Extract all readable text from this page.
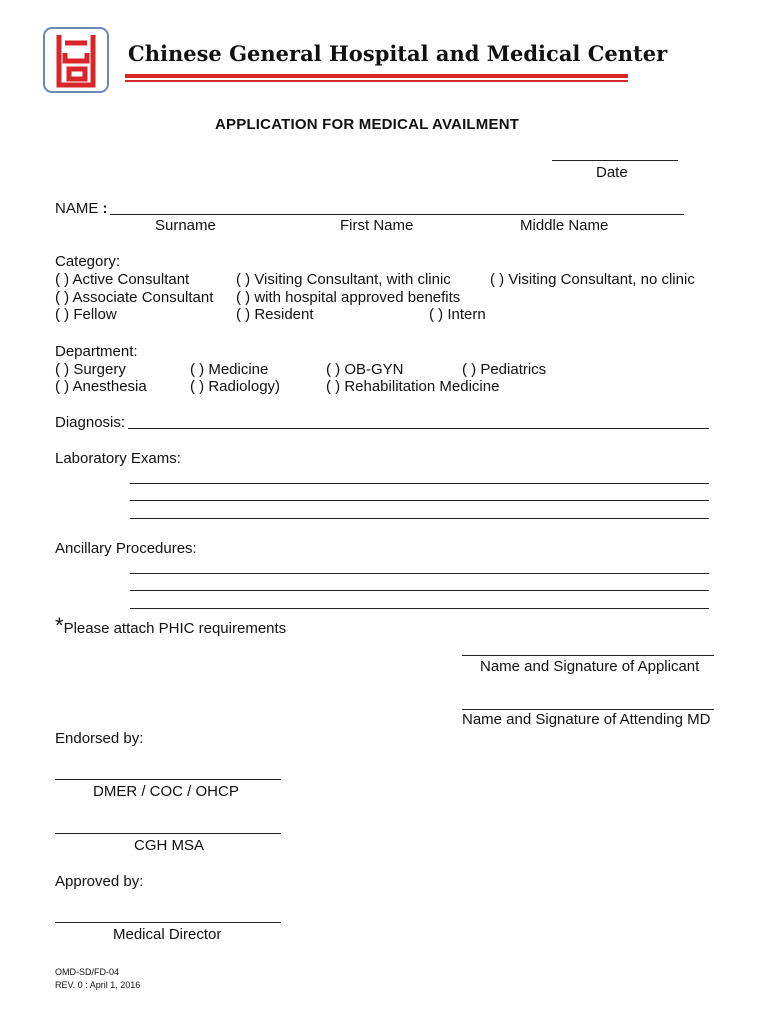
Chinese General Hospital and Medical Center
APPLICATION FOR MEDICAL AVAILMENT
Date
NAME :
Surname	First Name	Middle Name
Category:
( ) Active Consultant	( ) Visiting Consultant, with clinic	( ) Visiting Consultant, no clinic
( ) Associate Consultant ( ) with hospital approved benefits
( ) Fellow	( ) Resident	( ) Intern
Department:
( ) Surgery	( ) Medicine	( ) OB-GYN	( ) Pediatrics
( ) Anesthesia	( ) Radiology)	( ) Rehabilitation Medicine
Diagnosis:
Laboratory Exams:
Ancillary Procedures:
*Please attach PHIC requirements
Name and Signature of Applicant
Name and Signature of Attending MD
Endorsed by:
DMER / COC / OHCP
CGH MSA
Approved by:
Medical Director
OMD-SD/FD-04
REV. 0 : April 1, 2016
